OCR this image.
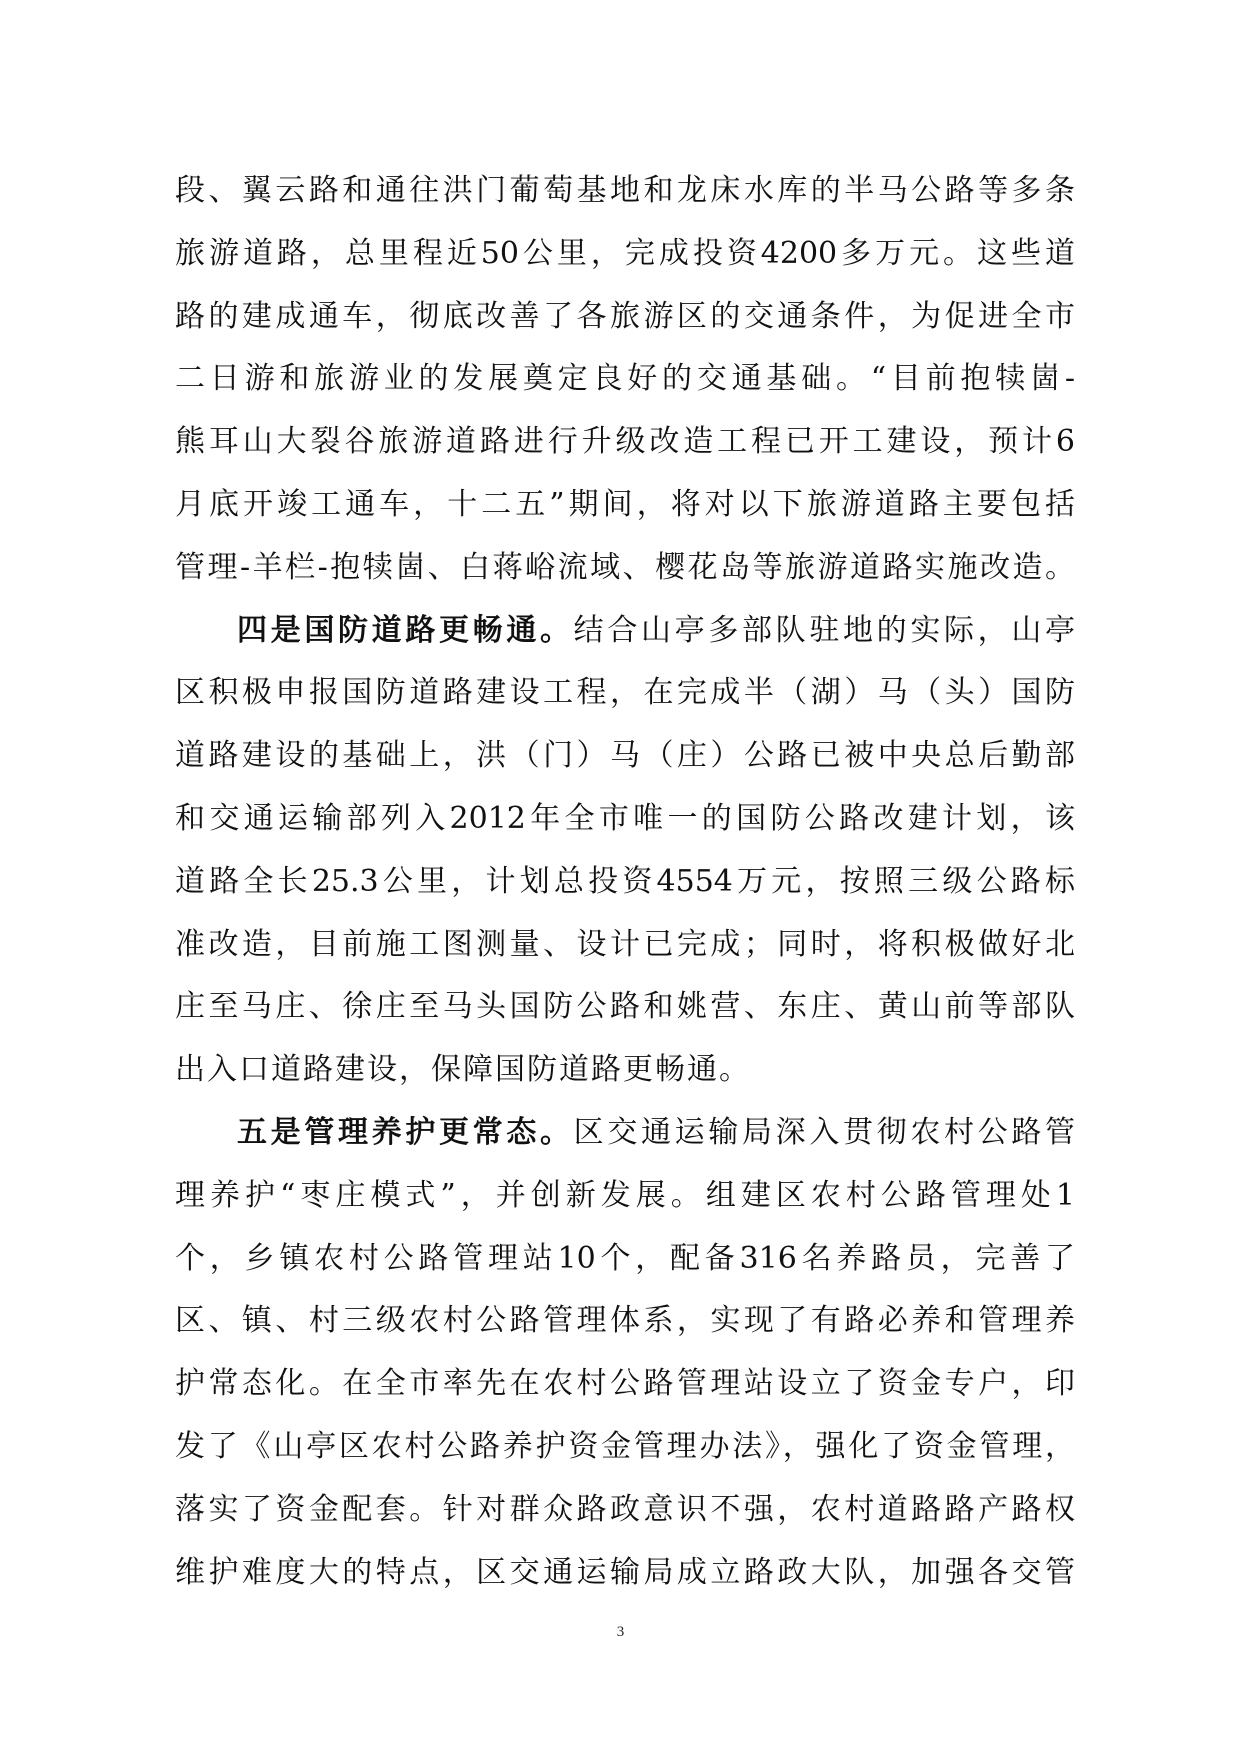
段、翼云路和通往洪门葡萄基地和龙床水库的半马公路等多条
旅游道路，总里程近50公里，完成投资4200多万元。这些道
路的建成通车，彻底改善了各旅游区的交通条件，为促进全市
二日游和旅游业的发展奠定良好的交通基础。“目前抱犊崮-
熊耳山大裂谷旅游道路进行升级改造工程已开工建设，预计6
月底开竣工通车，十二五”期间，将对以下旅游道路主要包括
管理-羊栏-抱犊崮、白蒋峪流域、樱花岛等旅游道路实施改造。
四是国防道路更畅通。结合山亭多部队驻地的实际，山亭
区积极申报国防道路建设工程，在完成半（湖）马（头）国防
道路建设的基础上，洪（门）马（庄）公路已被中央总后勤部
和交通运输部列入2012年全市唯一的国防公路改建计划，该
道路全长25.3公里，计划总投资4554万元，按照三级公路标
准改造，目前施工图测量、设计已完成；同时，将积极做好北
庄至马庄、徐庄至马头国防公路和姚营、东庄、黄山前等部队
出入口道路建设，保障国防道路更畅通。
五是管理养护更常态。区交通运输局深入贯彻农村公路管
理养护“枣庄模式”，并创新发展。组建区农村公路管理处1
个，乡镇农村公路管理站10个，配备316名养路员，完善了
区、镇、村三级农村公路管理体系，实现了有路必养和管理养
护常态化。在全市率先在农村公路管理站设立了资金专户，印
发了《山亭区农村公路养护资金管理办法》，强化了资金管理，
落实了资金配套。针对群众路政意识不强，农村道路路产路权
维护难度大的特点，区交通运输局成立路政大队，加强各交管
3
